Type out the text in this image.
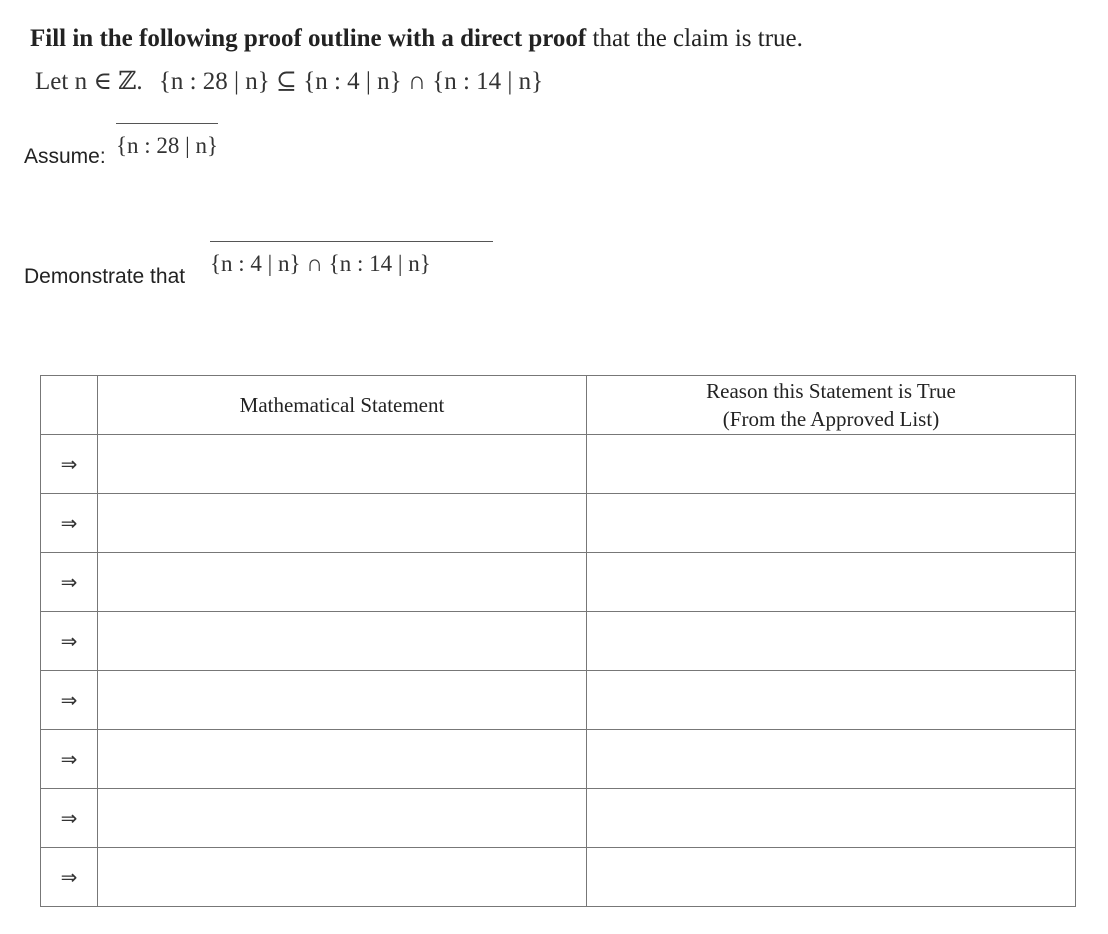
Fill in the following proof outline with a direct proof that the claim is true.
Let n ∈ ℤ. {n : 28 | n} ⊆ {n : 4 | n} ∩ {n : 14 | n}
Assume: {n : 28 | n}
Demonstrate that
{n : 4 | n} ∩ {n : 14 | n}
	Mathematical Statement	Reason this Statement is True
(From the Approved List)

⇒		
⇒		
⇒		
⇒		
⇒		
⇒		
⇒		
⇒		
